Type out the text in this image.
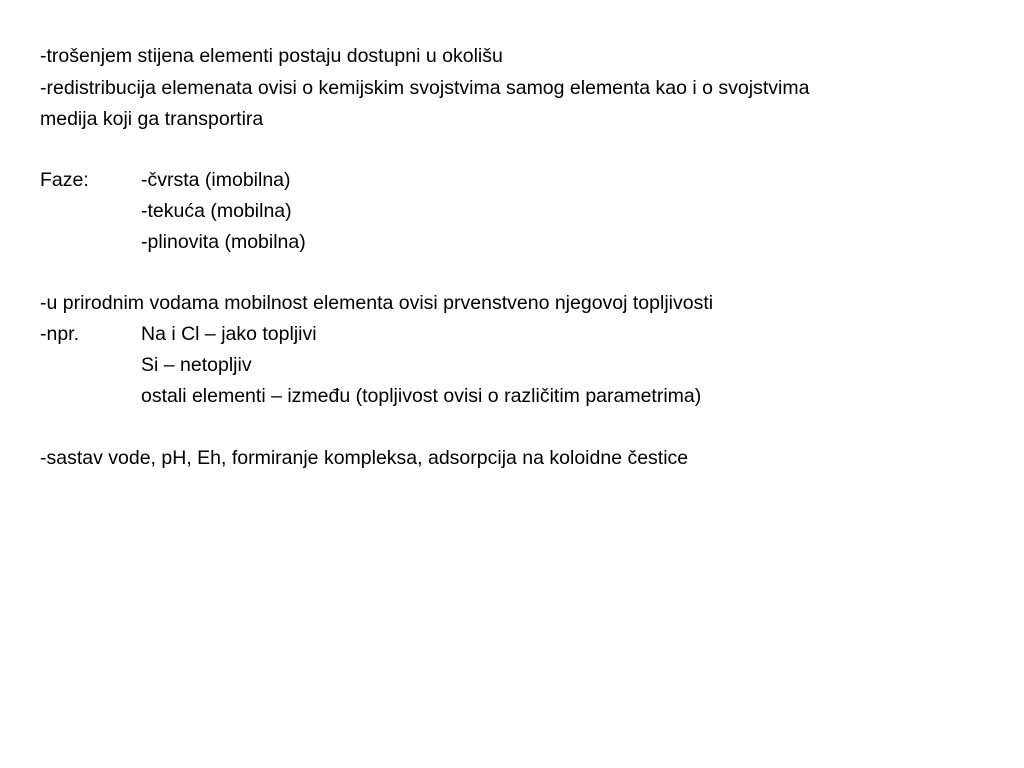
-trošenjem stijena elementi postaju dostupni u okolišu
-redistribucija elemenata ovisi o kemijskim svojstvima samog elementa kao i o svojstvima
medija koji ga transportira
Faze:	-čvrsta (imobilna)
-tekuća (mobilna)
-plinovita (mobilna)
-u prirodnim vodama mobilnost elementa ovisi prvenstveno njegovoj topljivosti
-npr.	Na i Cl – jako topljivi
Si – netopljiv
ostali elementi – između (topljivost ovisi o različitim parametrima)
-sastav vode, pH, Eh, formiranje kompleksa, adsorpcija na koloidne čestice
